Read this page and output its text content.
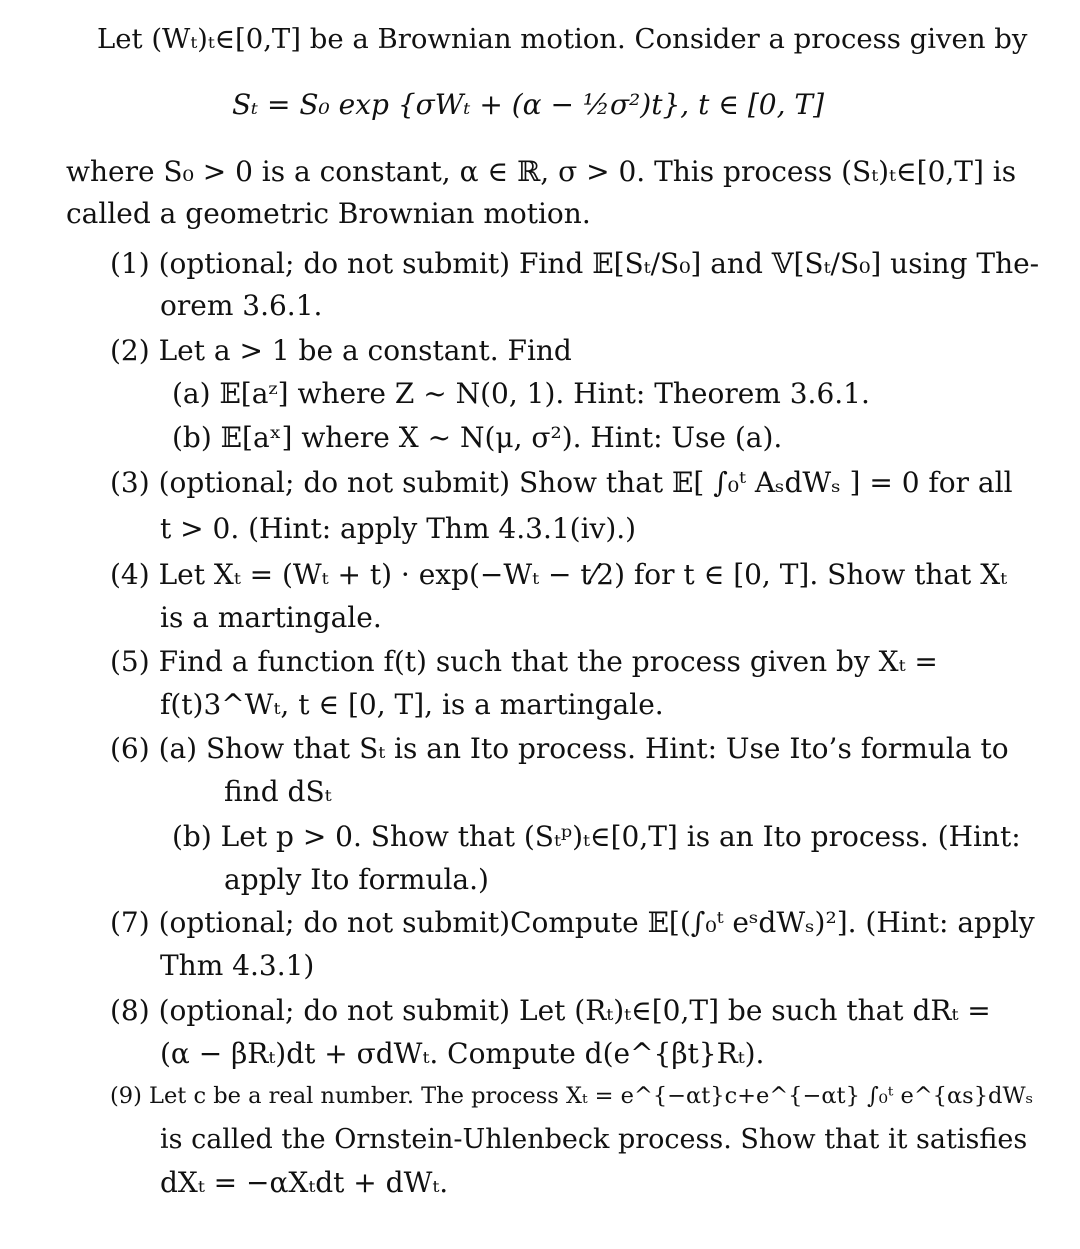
Let (Wₜ)ₜ∈[0,T] be a Brownian motion. Consider a process given by
Sₜ = S₀ exp {σWₜ + (α − ½σ²)t}, t ∈ [0, T]
where S₀ > 0 is a constant, α ∈ ℝ, σ > 0. This process (Sₜ)ₜ∈[0,T] is
called a geometric Brownian motion.
(1) (optional; do not submit) Find 𝔼[Sₜ/S₀] and 𝕍[Sₜ/S₀] using The-
orem 3.6.1.
(2) Let a > 1 be a constant. Find
(a) 𝔼[aᶻ] where Z ~ N(0, 1). Hint: Theorem 3.6.1.
(b) 𝔼[aˣ] where X ~ N(μ, σ²). Hint: Use (a).
(3) (optional; do not submit) Show that 𝔼[ ∫₀ᵗ AₛdWₛ ] = 0 for all
t > 0. (Hint: apply Thm 4.3.1(iv).)
(4) Let Xₜ = (Wₜ + t) · exp(−Wₜ − t⁄2) for t ∈ [0, T]. Show that Xₜ
is a martingale.
(5) Find a function f(t) such that the process given by Xₜ =
f(t)3^Wₜ, t ∈ [0, T], is a martingale.
(6) (a) Show that Sₜ is an Ito process. Hint: Use Ito’s formula to
find dSₜ
(b) Let p > 0. Show that (Sₜᵖ)ₜ∈[0,T] is an Ito process. (Hint:
apply Ito formula.)
(7) (optional; do not submit)Compute 𝔼[(∫₀ᵗ eˢdWₛ)²]. (Hint: apply
Thm 4.3.1)
(8) (optional; do not submit) Let (Rₜ)ₜ∈[0,T] be such that dRₜ =
(α − βRₜ)dt + σdWₜ. Compute d(e^{βt}Rₜ).
(9) Let c be a real number. The process Xₜ = e^{−αt}c+e^{−αt} ∫₀ᵗ e^{αs}dWₛ
is called the Ornstein-Uhlenbeck process. Show that it satisfies
dXₜ = −αXₜdt + dWₜ.
